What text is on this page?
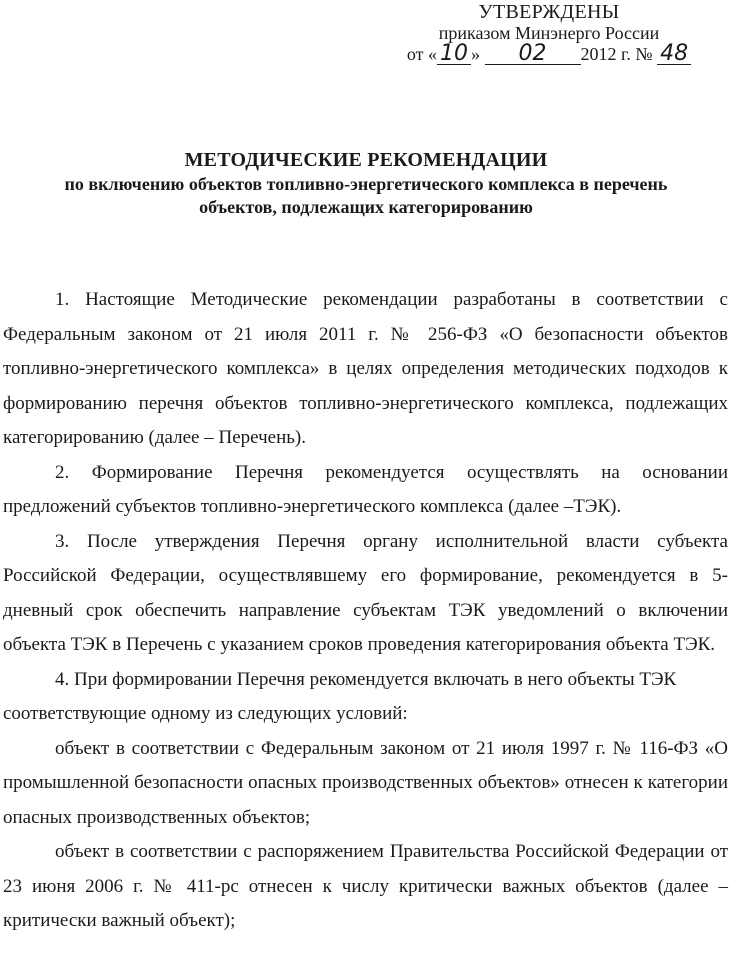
УТВЕРЖДЕНЫ
приказом Минэнерго России
от « 10 » 02 2012 г. № 48
МЕТОДИЧЕСКИЕ РЕКОМЕНДАЦИИ
по включению объектов топливно-энергетического комплекса в перечень
объектов, подлежащих категорированию

1. Настоящие Методические рекомендации разработаны в соответствии с Федеральным законом от 21 июля 2011 г. № 256-ФЗ «О безопасности объектов топливно-энергетического комплекса» в целях определения методических подходов к формированию перечня объектов топливно-энергетического комплекса, подлежащих категорированию (далее – Перечень).

2. Формирование Перечня рекомендуется осуществлять на основании предложений субъектов топливно-энергетического комплекса (далее –ТЭК).

3. После утверждения Перечня органу исполнительной власти субъекта Российской Федерации, осуществлявшему его формирование, рекомендуется в 5-дневный срок обеспечить направление субъектам ТЭК уведомлений о включении объекта ТЭК в Перечень с указанием сроков проведения категорирования объекта ТЭК.

4. При формировании Перечня рекомендуется включать в него объекты ТЭК соответствующие одному из следующих условий:

объект в соответствии с Федеральным законом от 21 июля 1997 г. № 116-ФЗ «О промышленной безопасности опасных производственных объектов» отнесен к категории опасных производственных объектов;

объект в соответствии с распоряжением Правительства Российской Федерации от 23 июня 2006 г. № 411-рс отнесен к числу критически важных объектов (далее – критически важный объект);
